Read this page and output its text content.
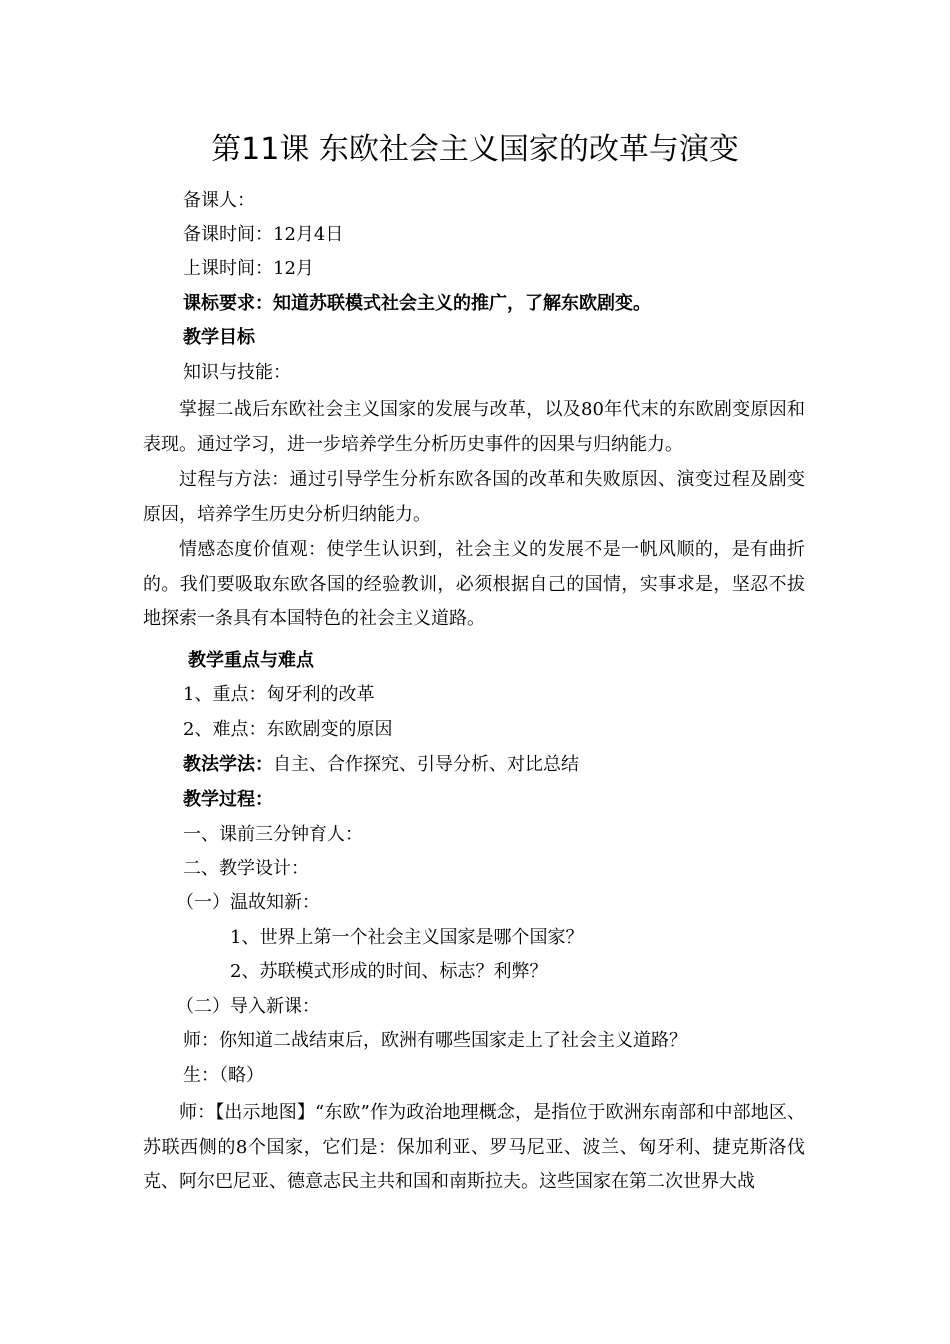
第11课 东欧社会主义国家的改革与演变
备课人：
备课时间：12月4日
上课时间：12月
课标要求：知道苏联模式社会主义的推广，了解东欧剧变。
教学目标
知识与技能：
掌握二战后东欧社会主义国家的发展与改革，以及80年代末的东欧剧变原因和表现。通过学习，进一步培养学生分析历史事件的因果与归纳能力。
过程与方法：通过引导学生分析东欧各国的改革和失败原因、演变过程及剧变原因，培养学生历史分析归纳能力。
情感态度价值观：使学生认识到，社会主义的发展不是一帆风顺的，是有曲折的。我们要吸取东欧各国的经验教训，必须根据自己的国情，实事求是，坚忍不拔地探索一条具有本国特色的社会主义道路。
教学重点与难点
1、重点：匈牙利的改革
2、难点：东欧剧变的原因
教法学法：自主、合作探究、引导分析、对比总结
教学过程：
一、课前三分钟育人：
二、教学设计：
（一）温故知新：
1、世界上第一个社会主义国家是哪个国家？
2、苏联模式形成的时间、标志？利弊？
（二）导入新课：
师：你知道二战结束后，欧洲有哪些国家走上了社会主义道路？
生：（略）
师：【出示地图】“东欧”作为政治地理概念，是指位于欧洲东南部和中部地区、苏联西侧的8个国家，它们是：保加利亚、罗马尼亚、波兰、匈牙利、捷克斯洛伐克、阿尔巴尼亚、德意志民主共和国和南斯拉夫。这些国家在第二次世界大战
